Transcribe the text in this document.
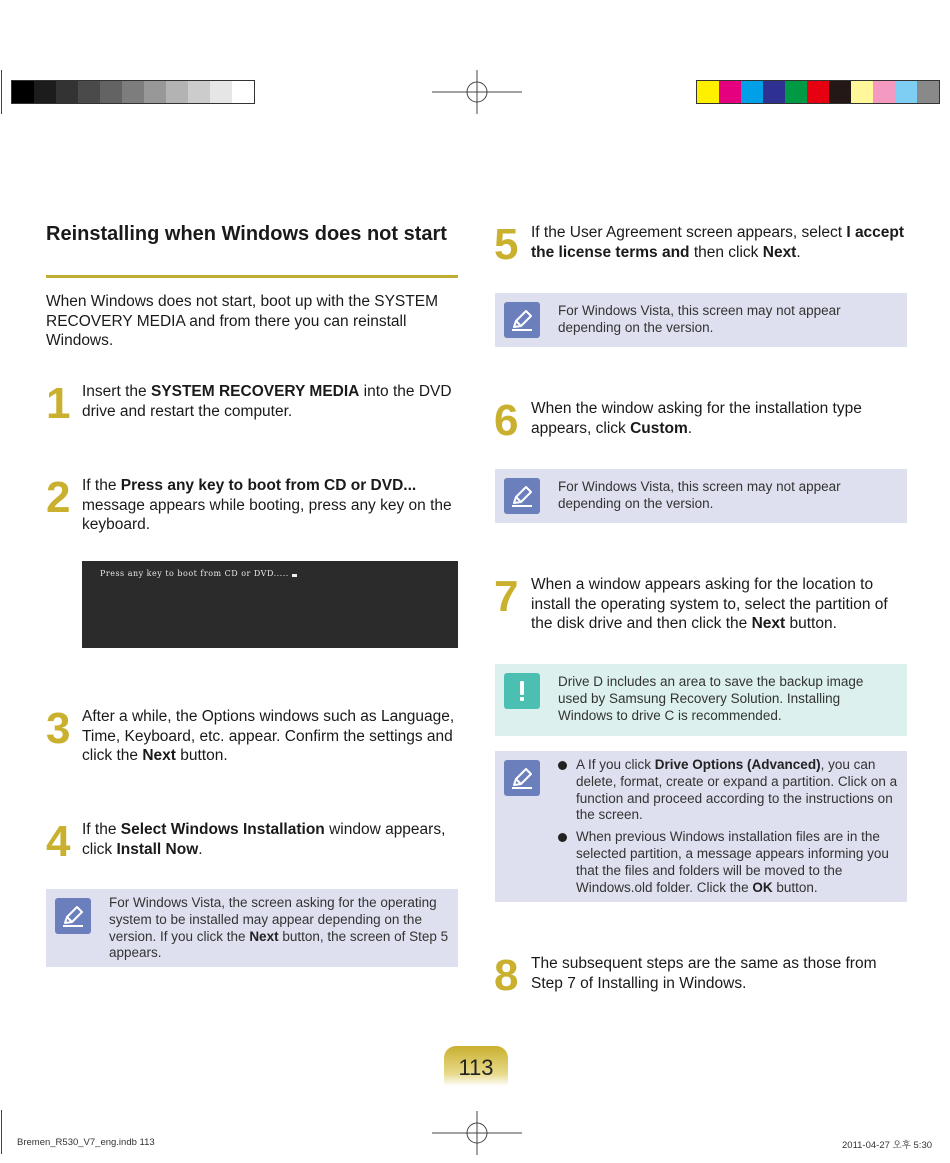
Reinstalling when Windows does not start
When Windows does not start, boot up with the SYSTEM RECOVERY MEDIA and from there you can reinstall Windows.
1 Insert the SYSTEM RECOVERY MEDIA into the DVD drive and restart the computer.
2 If the Press any key to boot from CD or DVD... message appears while booting, press any key on the keyboard.
Press any key to boot from CD or DVD.....
3 After a while, the Options windows such as Language, Time, Keyboard, etc. appear. Confirm the settings and click the Next button.
4 If the Select Windows Installation window appears, click Install Now.
For Windows Vista, the screen asking for the operating system to be installed may appear depending on the version. If you click the Next button, the screen of Step 5 appears.
5 If the User Agreement screen appears, select I accept the license terms and then click Next.
For Windows Vista, this screen may not appear depending on the version.
6 When the window asking for the installation type appears, click Custom.
For Windows Vista, this screen may not appear depending on the version.
7 When a window appears asking for the location to install the operating system to, select the partition of the disk drive and then click the Next button.
Drive D includes an area to save the backup image used by Samsung Recovery Solution. Installing Windows to drive C is recommended.
A If you click Drive Options (Advanced), you can delete, format, create or expand a partition. Click on a function and proceed according to the instructions on the screen.
When previous Windows installation files are in the selected partition, a message appears informing you that the files and folders will be moved to the Windows.old folder. Click the OK button.
8 The subsequent steps are the same as those from Step 7 of Installing in Windows.
113
Bremen_R530_V7_eng.indb 113	2011-04-27 오후 5:30
